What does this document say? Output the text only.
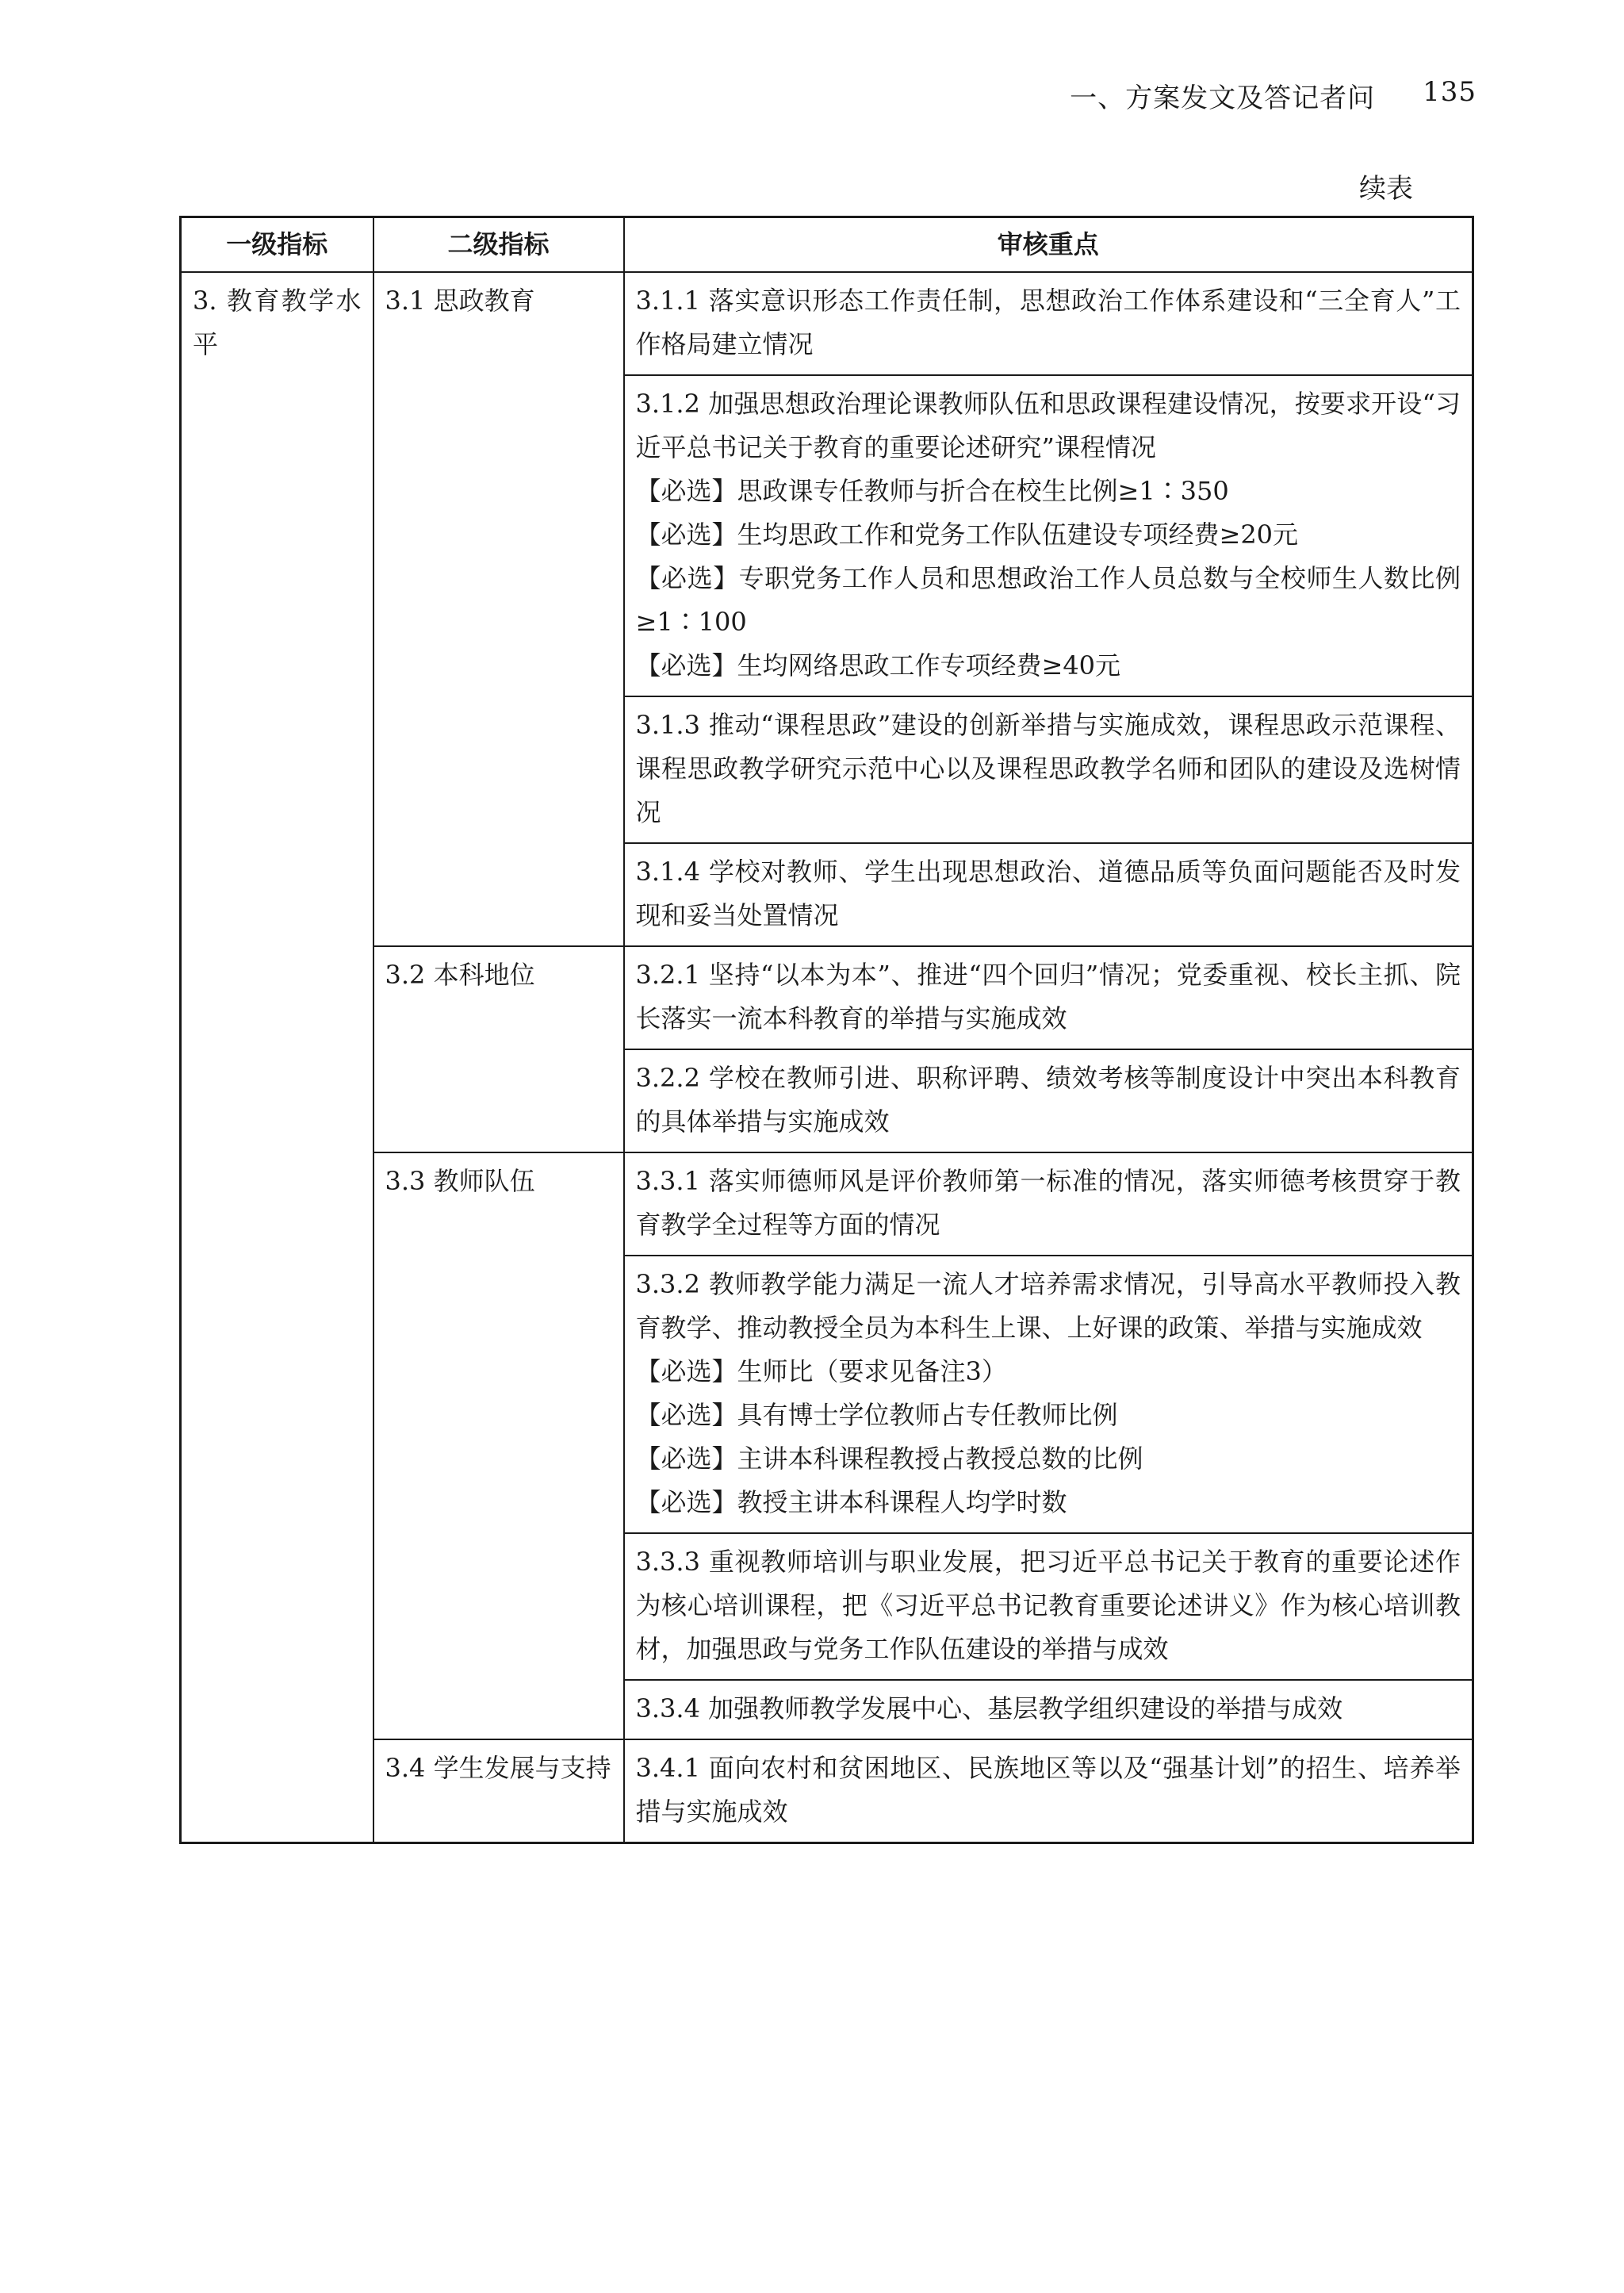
一、方案发文及答记者问 135
续表
一级指标	二级指标	审核重点
3. 教育教学水平	3.1 思政教育	3.1.1 落实意识形态工作责任制，思想政治工作体系建设和“三全育人”工作格局建立情况

		3.1.2 加强思想政治理论课教师队伍和思政课程建设情况，按要求开设“习近平总书记关于教育的重要论述研究”课程情况
【必选】思政课专任教师与折合在校生比例≥1∶350
【必选】生均思政工作和党务工作队伍建设专项经费≥20元
【必选】专职党务工作人员和思想政治工作人员总数与全校师生人数比例≥1∶100
【必选】生均网络思政工作专项经费≥40元

		3.1.3 推动“课程思政”建设的创新举措与实施成效，课程思政示范课程、课程思政教学研究示范中心以及课程思政教学名师和团队的建设及选树情况

		3.1.4 学校对教师、学生出现思想政治、道德品质等负面问题能否及时发现和妥当处置情况

	3.2 本科地位	3.2.1 坚持“以本为本”、推进“四个回归”情况；党委重视、校长主抓、院长落实一流本科教育的举措与实施成效

		3.2.2 学校在教师引进、职称评聘、绩效考核等制度设计中突出本科教育的具体举措与实施成效

	3.3 教师队伍	3.3.1 落实师德师风是评价教师第一标准的情况，落实师德考核贯穿于教育教学全过程等方面的情况

		3.3.2 教师教学能力满足一流人才培养需求情况，引导高水平教师投入教育教学、推动教授全员为本科生上课、上好课的政策、举措与实施成效
【必选】生师比（要求见备注3）
【必选】具有博士学位教师占专任教师比例
【必选】主讲本科课程教授占教授总数的比例
【必选】教授主讲本科课程人均学时数

		3.3.3 重视教师培训与职业发展，把习近平总书记关于教育的重要论述作为核心培训课程，把《习近平总书记教育重要论述讲义》作为核心培训教材，加强思政与党务工作队伍建设的举措与成效

		3.3.4 加强教师教学发展中心、基层教学组织建设的举措与成效

	3.4 学生发展与支持	3.4.1 面向农村和贫困地区、民族地区等以及“强基计划”的招生、培养举措与实施成效
